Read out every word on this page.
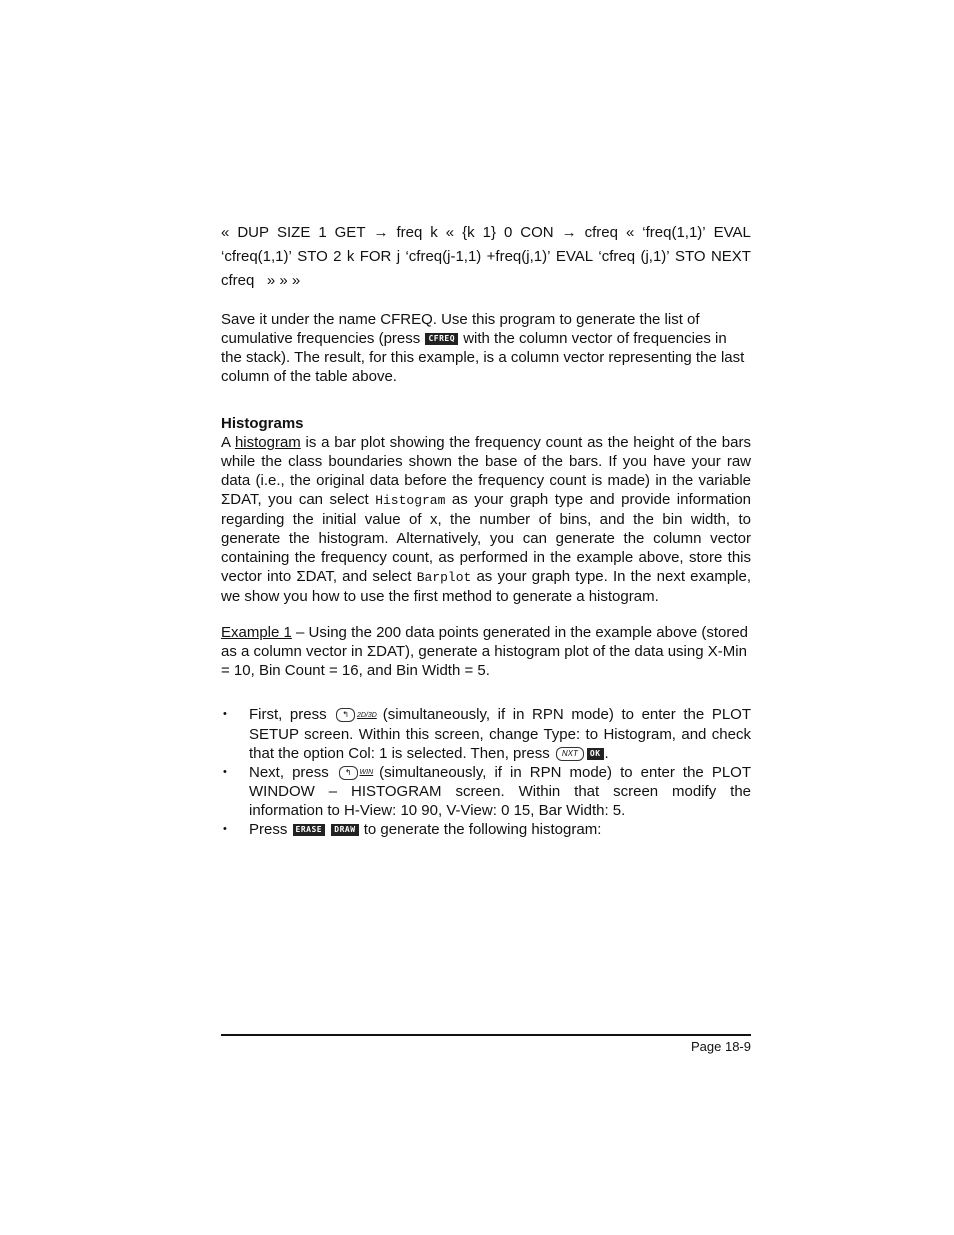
« DUP SIZE 1 GET → freq k « {k 1} 0 CON → cfreq « ‘freq(1,1)’ EVAL
‘cfreq(1,1)’ STO 2 k FOR j ‘cfreq(j-1,1) +freq(j,1)’ EVAL ‘cfreq (j,1)’ STO NEXT
cfreq   » » »
Save it under the name CFREQ. Use this program to generate the list of cumulative frequencies (press CFREQ with the column vector of frequencies in the stack). The result, for this example, is a column vector representing the last column of the table above.
Histograms
A histogram is a bar plot showing the frequency count as the height of the bars while the class boundaries shown the base of the bars. If you have your raw data (i.e., the original data before the frequency count is made) in the variable ΣDAT, you can select Histogram as your graph type and provide information regarding the initial value of x, the number of bins, and the bin width, to generate the histogram. Alternatively, you can generate the column vector containing the frequency count, as performed in the example above, store this vector into ΣDAT, and select Barplot as your graph type. In the next example, we show you how to use the first method to generate a histogram.
Example 1 – Using the 200 data points generated in the example above (stored as a column vector in ΣDAT), generate a histogram plot of the data using X-Min = 10, Bin Count = 16, and Bin Width = 5.
• First, press ↰ 2D/3D (simultaneously, if in RPN mode) to enter the PLOT SETUP screen. Within this screen, change Type: to Histogram, and check that the option Col: 1 is selected. Then, press NXT OK .
• Next, press ↰ WIN (simultaneously, if in RPN mode) to enter the PLOT WINDOW – HISTOGRAM screen. Within that screen modify the information to H-View: 10 90, V-View: 0 15, Bar Width: 5.
• Press ERASE DRAW to generate the following histogram:
Page 18-9
